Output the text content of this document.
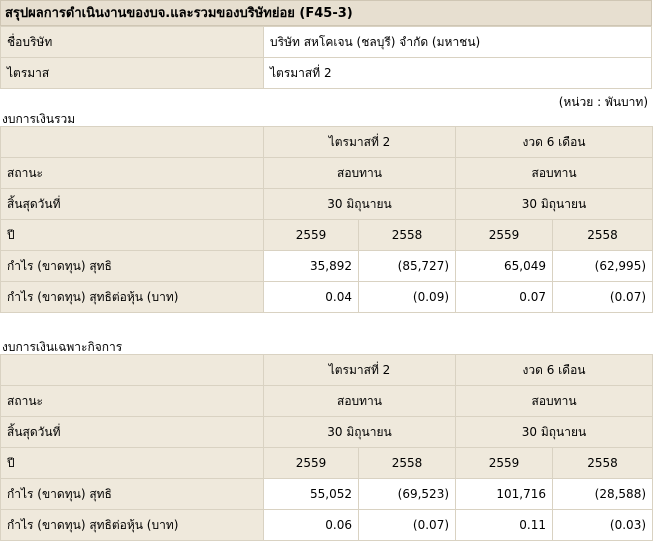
สรุปผลการดำเนินงานของบจ.และรวมของบริษัทย่อย (F45-3)
ชื่อบริษัท	บริษัท สหโคเจน (ชลบุรี) จำกัด (มหาชน)
ไตรมาส	ไตรมาสที่ 2
(หน่วย : พันบาท)
งบการเงินรวม
	ไตรมาสที่ 2		งวด 6 เดือน	
สถานะ	สอบทาน		สอบทาน	
สิ้นสุดวันที่	30 มิถุนายน		30 มิถุนายน	
ปี	2559	2558	2559	2558
กำไร (ขาดทุน) สุทธิ	35,892	(85,727)	65,049	(62,995)
กำไร (ขาดทุน) สุทธิต่อหุ้น (บาท)	0.04	(0.09)	0.07	(0.07)
งบการเงินเฉพาะกิจการ
	ไตรมาสที่ 2		งวด 6 เดือน	
สถานะ	สอบทาน		สอบทาน	
สิ้นสุดวันที่	30 มิถุนายน		30 มิถุนายน	
ปี	2559	2558	2559	2558
กำไร (ขาดทุน) สุทธิ	55,052	(69,523)	101,716	(28,588)
กำไร (ขาดทุน) สุทธิต่อหุ้น (บาท)	0.06	(0.07)	0.11	(0.03)
